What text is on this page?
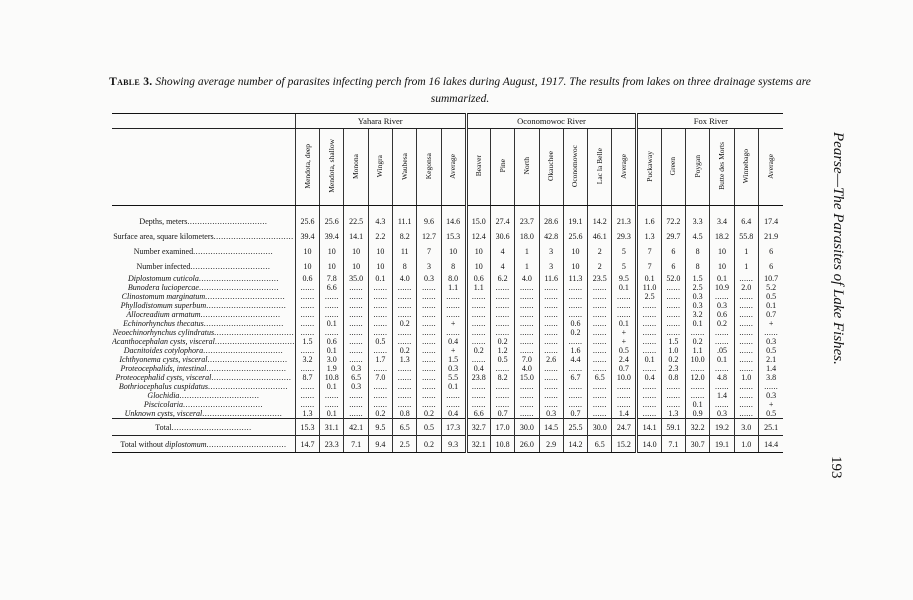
Table 3. Showing average number of parasites infecting perch from 16 lakes during August, 1917. The results from lakes on three drainage systems are summarized.
Pearse—The Parasites of Lake Fishes.
193
	Yahara River							Oconomowoc River							Fox River					
	Mendota, deep	Mendota, shallow	Monona	Wingra	Waubesa	Kegonsa	Average	Beaver	Pine	North	Okauchee	Oconomowoc	Lac la Belle	Average	Puckaway	Green	Poygan	Butte des Morts	Winnebago	Average

Depths, meters................................	25.6	25.6	22.5	4.3	11.1	9.6	14.6	15.0	27.4	23.7	28.6	19.1	14.2	21.3	1.6	72.2	3.3	3.4	6.4	17.4
Surface area, square kilometers................................	39.4	39.4	14.1	2.2	8.2	12.7	15.3	12.4	30.6	18.0	42.8	25.6	46.1	29.3	1.3	29.7	4.5	18.2	55.8	21.9
Number examined................................	10	10	10	10	11	7	10	10	4	1	3	10	2	5	7	6	8	10	1	6
Number infected................................	10	10	10	10	8	3	8	10	4	1	3	10	2	5	7	6	8	10	1	6
Diplostomum cuticola................................	0.6	7.8	35.0	0.1	4.0	0.3	8.0	0.6	6.2	4.0	11.6	11.3	23.5	9.5	0.1	52.0	1.5	0.1	......	10.7
Bunodera luciopercae................................	......	6.6	......	......	......	......	1.1	1.1	......	......	......	......	......	0.1	11.0	......	2.5	10.9	2.0	5.2
Clinostomum marginatum................................	......	......	......	......	......	......	......	......	......	......	......	......	......	......	2.5	......	0.3	......	......	0.5
Phyllodistomum superbum................................	......	......	......	......	......	......	......	......	......	......	......	......	......	......	......	......	0.3	0.3	......	0.1
Allocreadium armatum................................	......	......	......	......	......	......	......	......	......	......	......	......	......	......	......	......	3.2	0.6	......	0.7
Echinorhynchus thecatus................................	......	0.1	......	......	0.2	......	+	......	......	......	......	0.6	......	0.1	......	......	0.1	0.2	......	+
Neoechinorhynchus cylindratus................................	......	......	......	......	......	......	......	......	......	......	......	0.2	......	+	......	......	......	......	......	......
Acanthocephalan cysts, visceral................................	1.5	0.6	......	0.5	......	......	0.4	......	0.2	......	......	......	......	+	......	1.5	0.2	......	......	0.3
Dacnitoides cotylophora................................	......	0.1	......	......	0.2	......	+	0.2	1.2	......	......	1.6	......	0.5	......	1.0	1.1	.05	......	0.5
Ichthyonema cysts, visceral................................	3.2	3.0	......	1.7	1.3	......	1.5	......	0.5	7.0	2.6	4.4	......	2.4	0.1	0.2	10.0	0.1	......	2.1
Proteocephalids, intestinal................................	......	1.9	0.3	......	......	......	0.3	0.4	......	4.0	......	......	......	0.7	......	2.3	......	......	......	1.4
Proteocephalid cysts, visceral................................	8.7	10.8	6.5	7.0	......	......	5.5	23.8	8.2	15.0	......	6.7	6.5	10.0	0.4	0.8	12.0	4.8	1.0	3.8
Bothriocephalus cuspidatus................................	......	0.1	0.3	......	......	......	0.1	......	......	......	......	......	......	......	......	......	......	......	......	......
Glochidia................................	......	......	......	......	......	......	......	......	......	......	......	......	......	......	......	......	......	1.4	......	0.3
Piscicolaria................................	......	......	......	......	......	......	......	......	......	......	......	......	......	......	......	......	0.1	......	......	+
Unknown cysts, visceral................................	1.3	0.1	......	0.2	0.8	0.2	0.4	6.6	0.7	......	0.3	0.7	......	1.4	......	1.3	0.9	0.3	......	0.5
Total................................	15.3	31.1	42.1	9.5	6.5	0.5	17.3	32.7	17.0	30.0	14.5	25.5	30.0	24.7	14.1	59.1	32.2	19.2	3.0	25.1
Total without diplostomum................................	14.7	23.3	7.1	9.4	2.5	0.2	9.3	32.1	10.8	26.0	2.9	14.2	6.5	15.2	14.0	7.1	30.7	19.1	1.0	14.4
